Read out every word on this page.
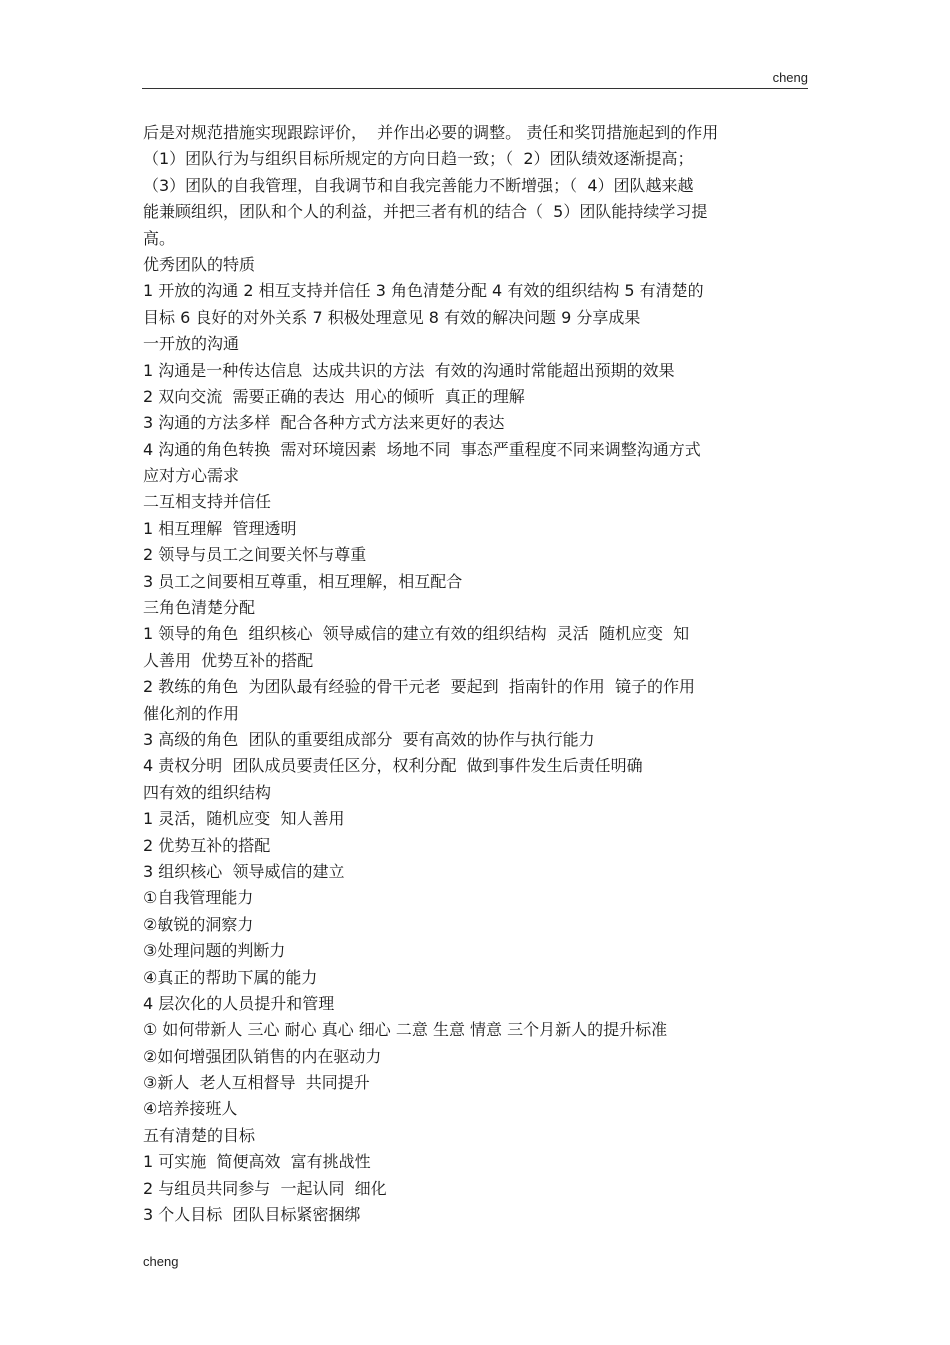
cheng
后是对规范措施实现跟踪评价，  并作出必要的调整。 责任和奖罚措施起到的作用
（1）团队行为与组织目标所规定的方向日趋一致；（  2）团队绩效逐渐提高；
（3）团队的自我管理，自我调节和自我完善能力不断增强；（  4）团队越来越
能兼顾组织，团队和个人的利益，并把三者有机的结合（  5）团队能持续学习提
高。
优秀团队的特质
1 开放的沟通 2 相互支持并信任 3 角色清楚分配 4 有效的组织结构 5 有清楚的
目标 6 良好的对外关系 7 积极处理意见 8 有效的解决问题 9 分享成果
一开放的沟通
1 沟通是一种传达信息  达成共识的方法  有效的沟通时常能超出预期的效果
2 双向交流  需要正确的表达  用心的倾听  真正的理解
3 沟通的方法多样  配合各种方式方法来更好的表达
4 沟通的角色转换  需对环境因素  场地不同  事态严重程度不同来调整沟通方式
应对方心需求
二互相支持并信任
1 相互理解  管理透明
2 领导与员工之间要关怀与尊重
3 员工之间要相互尊重，相互理解，相互配合
三角色清楚分配
1 领导的角色  组织核心  领导威信的建立有效的组织结构  灵活  随机应变  知
人善用  优势互补的搭配
2 教练的角色  为团队最有经验的骨干元老  要起到  指南针的作用  镜子的作用
催化剂的作用
3 高级的角色  团队的重要组成部分  要有高效的协作与执行能力
4 责权分明  团队成员要责任区分，权利分配  做到事件发生后责任明确
四有效的组织结构
1 灵活，随机应变  知人善用
2 优势互补的搭配
3 组织核心  领导威信的建立
①自我管理能力
②敏锐的洞察力
③处理问题的判断力
④真正的帮助下属的能力
4 层次化的人员提升和管理
① 如何带新人 三心 耐心 真心 细心 二意 生意 情意 三个月新人的提升标准
②如何增强团队销售的内在驱动力
③新人  老人互相督导  共同提升
④培养接班人
五有清楚的目标
1 可实施  简便高效  富有挑战性
2 与组员共同参与  一起认同  细化
3 个人目标  团队目标紧密捆绑
cheng
